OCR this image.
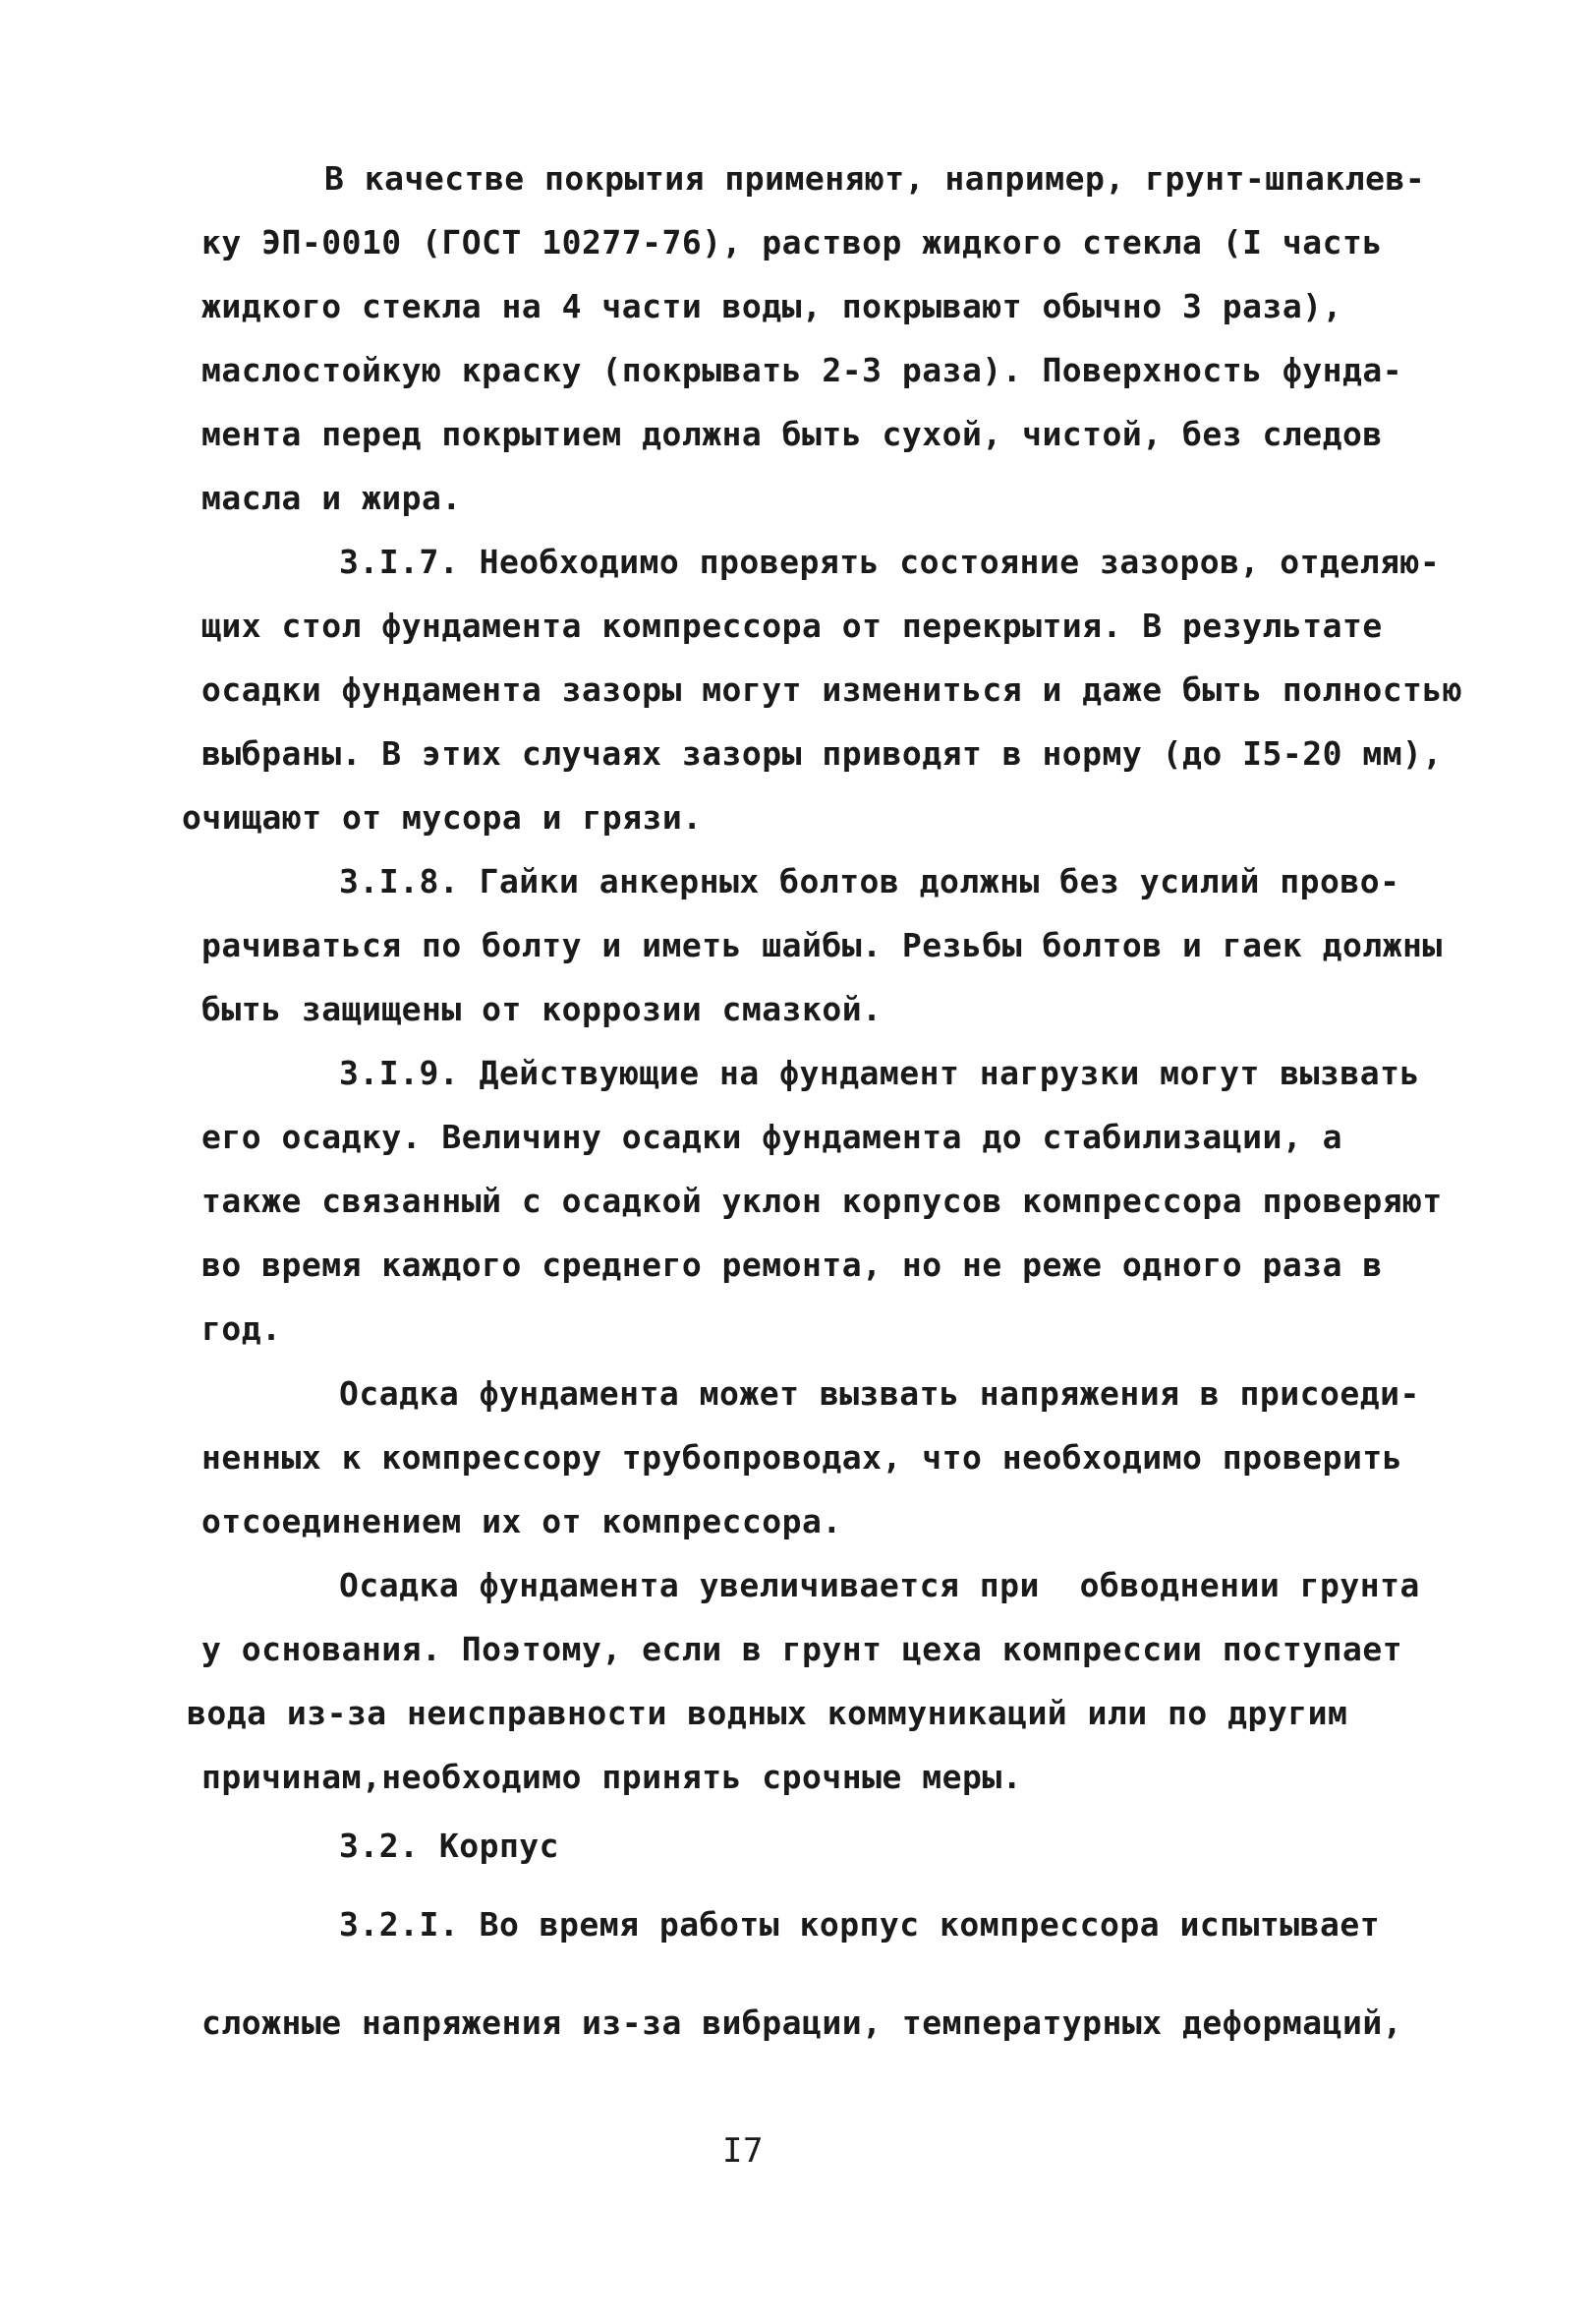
В качестве покрытия применяют, например, грунт-шпаклев-
ку ЭП-0010 (ГОСТ 10277-76), раствор жидкого стекла (I часть
жидкого стекла на 4 части воды, покрывают обычно 3 раза),
маслостойкую краску (покрывать 2-3 раза). Поверхность фунда-
мента перед покрытием должна быть сухой, чистой, без следов
масла и жира.
3.I.7. Необходимо проверять состояние зазоров, отделяю-
щих стол фундамента компрессора от перекрытия. В результате
осадки фундамента зазоры могут измениться и даже быть полностью
выбраны. В этих случаях зазоры приводят в норму (до I5-20 мм),
очищают от мусора и грязи.
3.I.8. Гайки анкерных болтов должны без усилий прово-
рачиваться по болту и иметь шайбы. Резьбы болтов и гаек должны
быть защищены от коррозии смазкой.
3.I.9. Действующие на фундамент нагрузки могут вызвать
его осадку. Величину осадки фундамента до стабилизации, а
также связанный с осадкой уклон корпусов компрессора проверяют
во время каждого среднего ремонта, но не реже одного раза в
год.
Осадка фундамента может вызвать напряжения в присоеди-
ненных к компрессору трубопроводах, что необходимо проверить
отсоединением их от компрессора.
Осадка фундамента увеличивается при  обводнении грунта
у основания. Поэтому, если в грунт цеха компрессии поступает
вода из-за неисправности водных коммуникаций или по другим
причинам,необходимо принять срочные меры.
3.2. Корпус
3.2.I. Во время работы корпус компрессора испытывает
сложные напряжения из-за вибрации, температурных деформаций,
I7
